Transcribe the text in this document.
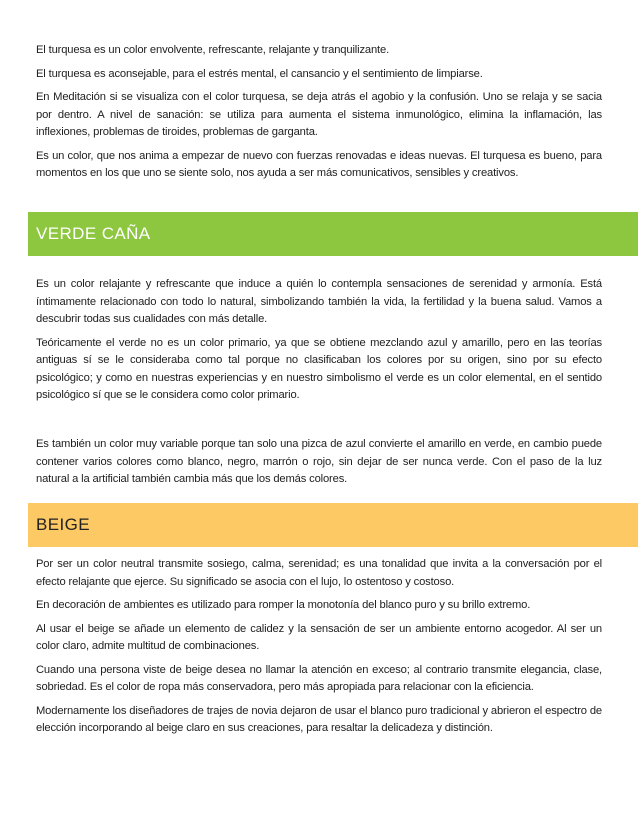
El turquesa es un color envolvente, refrescante, relajante y tranquilizante.

El turquesa es aconsejable, para el estrés mental, el cansancio y el sentimiento de limpiarse.

En Meditación si se visualiza con el color turquesa, se deja atrás el agobio y la confusión. Uno se relaja y se sacia por dentro. A nivel de sanación: se utiliza para aumenta el sistema inmunológico, elimina la inflamación, las inflexiones, problemas de tiroides, problemas de garganta.

Es un color, que nos anima a empezar de nuevo con fuerzas renovadas e ideas nuevas. El turquesa es bueno, para momentos en los que uno se siente solo, nos ayuda a ser más comunicativos, sensibles y creativos.

VERDE CAÑA

Es un color relajante y refrescante que induce a quién lo contempla sensaciones de serenidad y armonía. Está íntimamente relacionado con todo lo natural, simbolizando también la vida, la fertilidad y la buena salud. Vamos a descubrir todas sus cualidades con más detalle.

Teóricamente el verde no es un color primario, ya que se obtiene mezclando azul y amarillo, pero en las teorías antiguas sí se le consideraba como tal porque no clasificaban los colores por su origen, sino por su efecto psicológico; y como en nuestras experiencias y en nuestro simbolismo el verde es un color elemental, en el sentido psicológico sí que se le considera como color primario.

Es también un color muy variable porque tan solo una pizca de azul convierte el amarillo en verde, en cambio puede contener varios colores como blanco, negro, marrón o rojo, sin dejar de ser nunca verde. Con el paso de la luz natural a la artificial también cambia más que los demás colores.

BEIGE

Por ser un color neutral transmite sosiego, calma, serenidad; es una tonalidad que invita a la conversación por el efecto relajante que ejerce. Su significado se asocia con el lujo, lo ostentoso y costoso.

En decoración de ambientes es utilizado para romper la monotonía del blanco puro y su brillo extremo.

Al usar el beige se añade un elemento de calidez y la sensación de ser un ambiente entorno acogedor. Al ser un color claro, admite multitud de combinaciones.

Cuando una persona viste de beige desea no llamar la atención en exceso; al contrario transmite elegancia, clase, sobriedad. Es el color de ropa más conservadora, pero más apropiada para relacionar con la eficiencia.

Modernamente los diseñadores de trajes de novia dejaron de usar el blanco puro tradicional y abrieron el espectro de elección incorporando al beige claro en sus creaciones, para resaltar la delicadeza y distinción.
